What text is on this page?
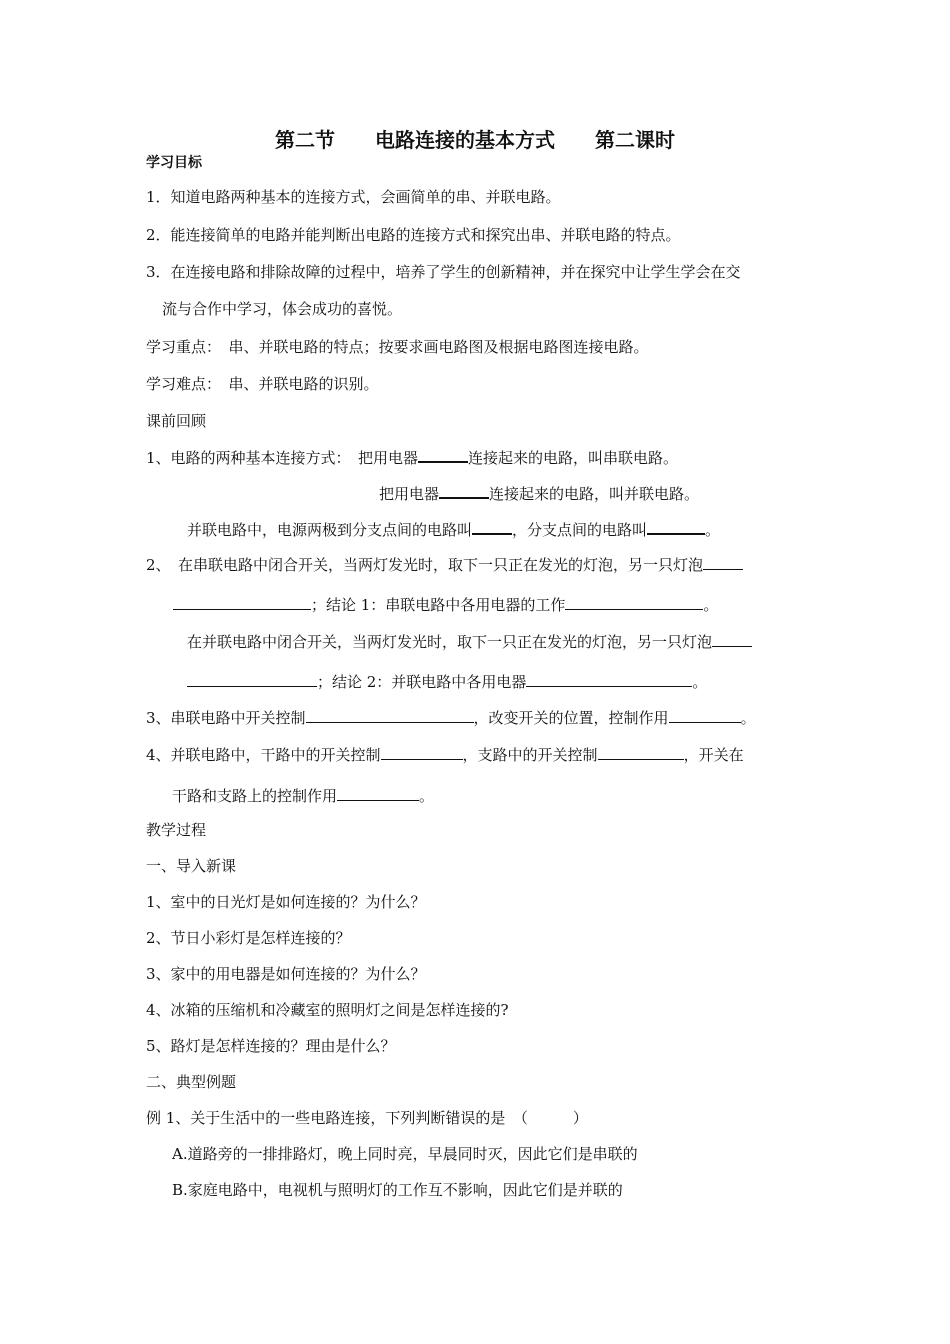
第二节　　电路连接的基本方式　　第二课时
学习目标
1．知道电路两种基本的连接方式，会画简单的串、并联电路。
2．能连接简单的电路并能判断出电路的连接方式和探究出串、并联电路的特点。
3．在连接电路和排除故障的过程中，培养了学生的创新精神，并在探究中让学生学会在交
流与合作中学习，体会成功的喜悦。
学习重点：　串、并联电路的特点；按要求画电路图及根据电路图连接电路。
学习难点：　串、并联电路的识别。
课前回顾
1、电路的两种基本连接方式：　把用电器	连接起来的电路，叫串联电路。
把用电器	连接起来的电路，叫并联电路。
并联电路中，电源两极到分支点间的电路叫	，分支点间的电路叫	。
2、　在串联电路中闭合开关，当两灯发光时，取下一只正在发光的灯泡，另一只灯泡
；结论 1：串联电路中各用电器的工作	。
在并联电路中闭合开关，当两灯发光时，取下一只正在发光的灯泡，另一只灯泡
；结论 2：并联电路中各用电器	。
3、串联电路中开关控制	，改变开关的位置，控制作用	。
4、并联电路中，干路中的开关控制	，支路中的开关控制	，开关在
干路和支路上的控制作用	。
教学过程
一、导入新课
1、室中的日光灯是如何连接的？为什么？
2、节日小彩灯是怎样连接的？
3、家中的用电器是如何连接的？为什么？
4、冰箱的压缩机和冷藏室的照明灯之间是怎样连接的?
5、路灯是怎样连接的？理由是什么？
二、典型例题
例 1、关于生活中的一些电路连接，下列判断错误的是　（　　　）
A.道路旁的一排排路灯，晚上同时亮，早晨同时灭，因此它们是串联的
B.家庭电路中，电视机与照明灯的工作互不影响，因此它们是并联的
